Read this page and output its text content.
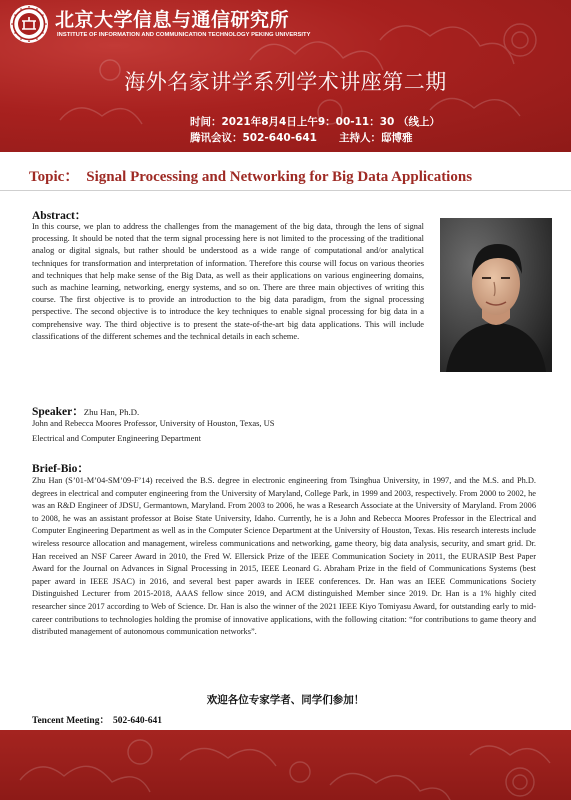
北京大学信息与通信研究所
INSTITUTE OF INFORMATION AND COMMUNICATION TECHNOLOGY PEKING UNIVERSITY
海外名家讲学系列学术讲座第二期
时间：2021年8月4日上午9：00-11：30 （线上）
腾讯会议：502-640-641 主持人：邸博雅
Topic： Signal Processing and Networking for Big Data Applications
Abstract：
In this course, we plan to address the challenges from the management of the big data, through the lens of signal processing. It should be noted that the term signal processing here is not limited to the processing of the traditional analog or digital signals, but rather should be understood as a wide range of computational and/or analytical techniques for transformation and interpretation of information. Therefore this course will focus on various theories and techniques that help make sense of the Big Data, as well as their applications on various engineering domains, such as machine learning, networking, energy systems, and so on. There are three main objectives of writing this course. The first objective is to provide an introduction to the big data paradigm, from the signal processing perspective. The second objective is to introduce the key techniques to enable signal processing for big data in a comprehensive way. The third objective is to present the state-of-the-art big data applications. This will include classifications of the different schemes and the technical details in each scheme.
Speaker：Zhu Han, Ph.D.
John and Rebecca Moores Professor, University of Houston, Texas, US
Electrical and Computer Engineering Department
Brief-Bio：
Zhu Han (S’01-M’04-SM’09-F’14) received the B.S. degree in electronic engineering from Tsinghua University, in 1997, and the M.S. and Ph.D. degrees in electrical and computer engineering from the University of Maryland, College Park, in 1999 and 2003, respectively. From 2000 to 2002, he was an R&D Engineer of JDSU, Germantown, Maryland. From 2003 to 2006, he was a Research Associate at the University of Maryland. From 2006 to 2008, he was an assistant professor at Boise State University, Idaho. Currently, he is a John and Rebecca Moores Professor in the Electrical and Computer Engineering Department as well as in the Computer Science Department at the University of Houston, Texas. His research interests include wireless resource allocation and management, wireless communications and networking, game theory, big data analysis, security, and smart grid. Dr. Han received an NSF Career Award in 2010, the Fred W. Ellersick Prize of the IEEE Communication Society in 2011, the EURASIP Best Paper Award for the Journal on Advances in Signal Processing in 2015, IEEE Leonard G. Abraham Prize in the field of Communications Systems (best paper award in IEEE JSAC) in 2016, and several best paper awards in IEEE conferences. Dr. Han was an IEEE Communications Society Distinguished Lecturer from 2015-2018, AAAS fellow since 2019, and ACM distinguished Member since 2019. Dr. Han is a 1% highly cited researcher since 2017 according to Web of Science. Dr. Han is also the winner of the 2021 IEEE Kiyo Tomiyasu Award, for outstanding early to mid-career contributions to technologies holding the promise of innovative applications, with the following citation: “for contributions to game theory and distributed management of autonomous communication networks”.
欢迎各位专家学者、同学们参加！
Tencent Meeting： 502-640-641
